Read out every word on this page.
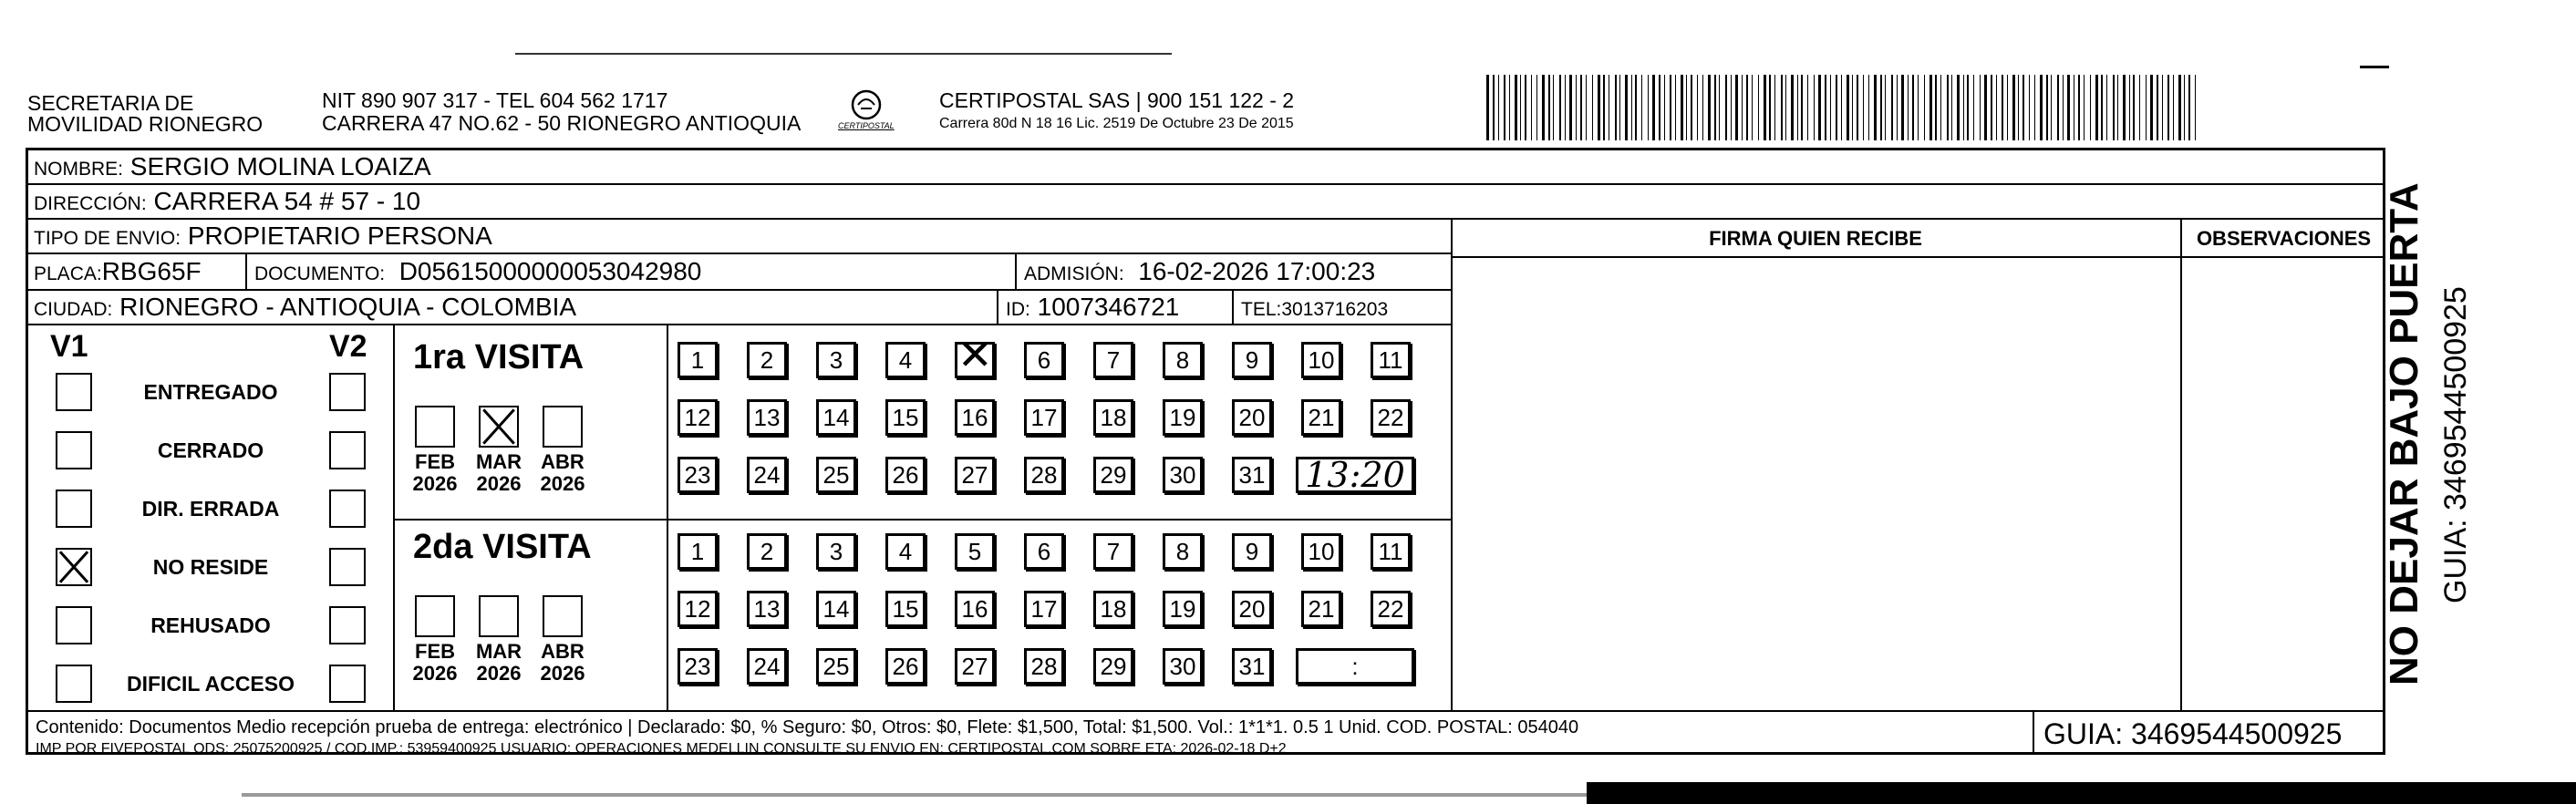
SECRETARIA DE
MOVILIDAD RIONEGRO
NIT 890 907 317 - TEL 604 562 1717
CARRERA 47 NO.62 - 50 RIONEGRO ANTIOQUIA	CERTIPOSTAL
CERTIPOSTAL SAS | 900 151 122 - 2
Carrera 80d N 18 16 Lic. 2519 De Octubre 23 De 2015
NOMBRE: SERGIO MOLINA LOAIZA
DIRECCIÓN: CARRERA 54 # 57 - 10
FIRMA QUIEN RECIBE	OBSERVACIONES
TIPO DE ENVIO: PROPIETARIO PERSONA
PLACA:RBG65F	DOCUMENTO: D05615000000053042980	ADMISIÓN: 16-02-2026 17:00:23
CIUDAD: RIONEGRO - ANTIOQUIA - COLOMBIA	ID: 1007346721	TEL:3013716203
V1	V2
ENTREGADO
CERRADO
DIR. ERRADA
NO RESIDE
REHUSADO
DIFICIL ACCESO
1ra VISITA
2da VISITA
FEB
2026
MAR
2026
ABR
2026
FEB
2026
MAR
2026
ABR
2026
1	2	3	4	✕	6	7	8	9	10	11
12 13 14 15 16 17 18 19 20 21 22
23 24 25 26 27 28 29 30 31 13:20
1	2	3	4	5	6	7	8	9	10	11
12 13 14 15 16 17 18 19 20 21 22
23 24 25 26 27 28 29 30 31	:
Contenido: Documentos Medio recepción prueba de entrega: electrónico | Declarado: $0, % Seguro: $0, Otros: $0, Flete: $1,500, Total: $1,500. Vol.: 1*1*1. 0.5 1 Unid. COD. POSTAL: 054040
IMP POR FIVEPOSTAL ODS: 25075200925 / COD.IMP.: 53959400925 USUARIO: OPERACIONES MEDELLIN CONSULTE SU ENVIO EN: CERTIPOSTAL.COM SOBRE ETA: 2026-02-18 D+2	GUIA: 3469544500925
NO DEJAR BAJO PUERTA GUIA: 3469544500925
